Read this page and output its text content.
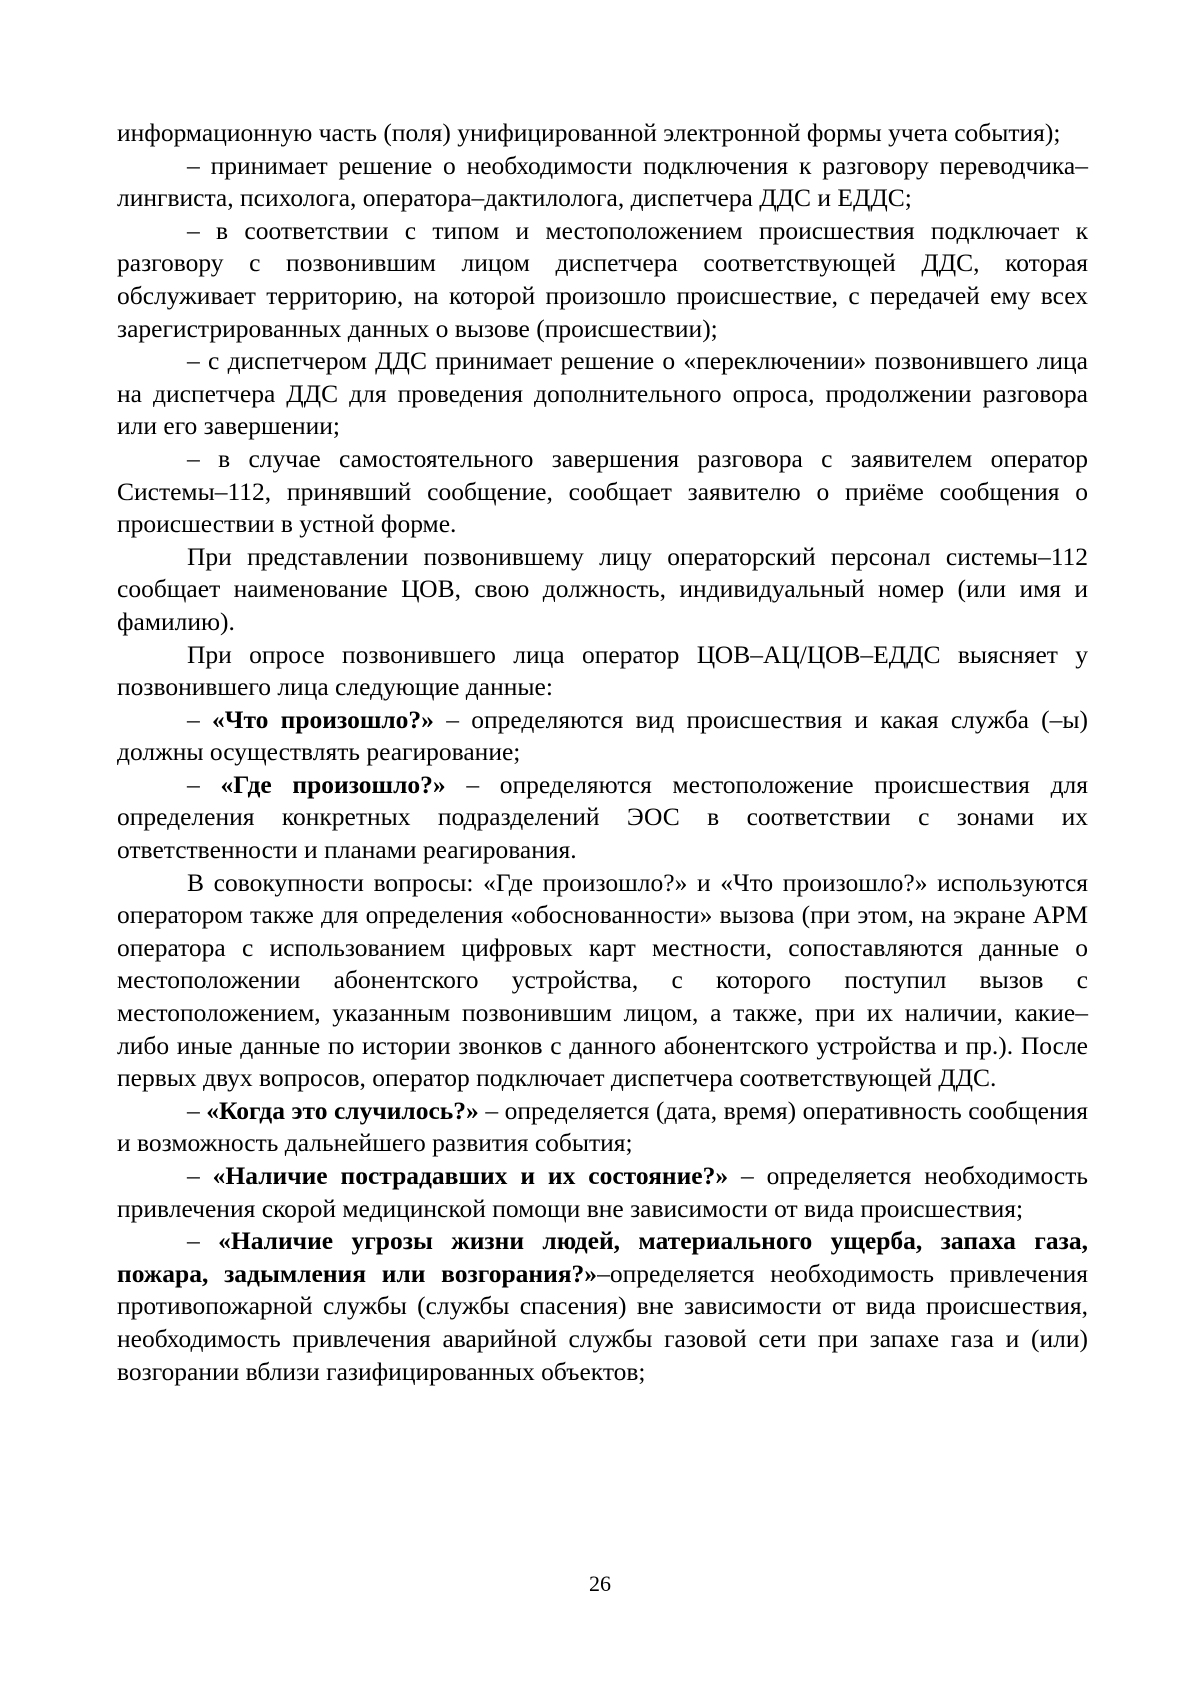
информационную часть (поля) унифицированной электронной формы учета события);

– принимает решение о необходимости подключения к разговору переводчика–лингвиста, психолога, оператора–дактилолога, диспетчера ДДС и ЕДДС;

– в соответствии с типом и местоположением происшествия подключает к разговору с позвонившим лицом диспетчера соответствующей ДДС, которая обслуживает территорию, на которой произошло происшествие, с передачей ему всех зарегистрированных данных о вызове (происшествии);

– с диспетчером ДДС принимает решение о «переключении» позвонившего лица на диспетчера ДДС для проведения дополнительного опроса, продолжении разговора или его завершении;

– в случае самостоятельного завершения разговора с заявителем оператор Системы–112, принявший сообщение, сообщает заявителю о приёме сообщения о происшествии в устной форме.

При представлении позвонившему лицу операторский персонал системы–112 сообщает наименование ЦОВ, свою должность, индивидуальный номер (или имя и фамилию).

При опросе позвонившего лица оператор ЦОВ–АЦ/ЦОВ–ЕДДС выясняет у позвонившего лица следующие данные:

– «Что произошло?» – определяются вид происшествия и какая служба (–ы) должны осуществлять реагирование;

– «Где произошло?» – определяются местоположение происшествия для определения конкретных подразделений ЭОС в соответствии с зонами их ответственности и планами реагирования.

В совокупности вопросы: «Где произошло?» и «Что произошло?» используются оператором также для определения «обоснованности» вызова (при этом, на экране АРМ оператора с использованием цифровых карт местности, сопоставляются данные о местоположении абонентского устройства, с которого поступил вызов с местоположением, указанным позвонившим лицом, а также, при их наличии, какие–либо иные данные по истории звонков с данного абонентского устройства и пр.). После первых двух вопросов, оператор подключает диспетчера соответствующей ДДС.

– «Когда это случилось?» – определяется (дата, время) оперативность сообщения и возможность дальнейшего развития события;

– «Наличие пострадавших и их состояние?» – определяется необходимость привлечения скорой медицинской помощи вне зависимости от вида происшествия;

– «Наличие угрозы жизни людей, материального ущерба, запаха газа, пожара, задымления или возгорания?»–определяется необходимость привлечения противопожарной службы (службы спасения) вне зависимости от вида происшествия, необходимость привлечения аварийной службы газовой сети при запахе газа и (или) возгорании вблизи газифицированных объектов;

26
